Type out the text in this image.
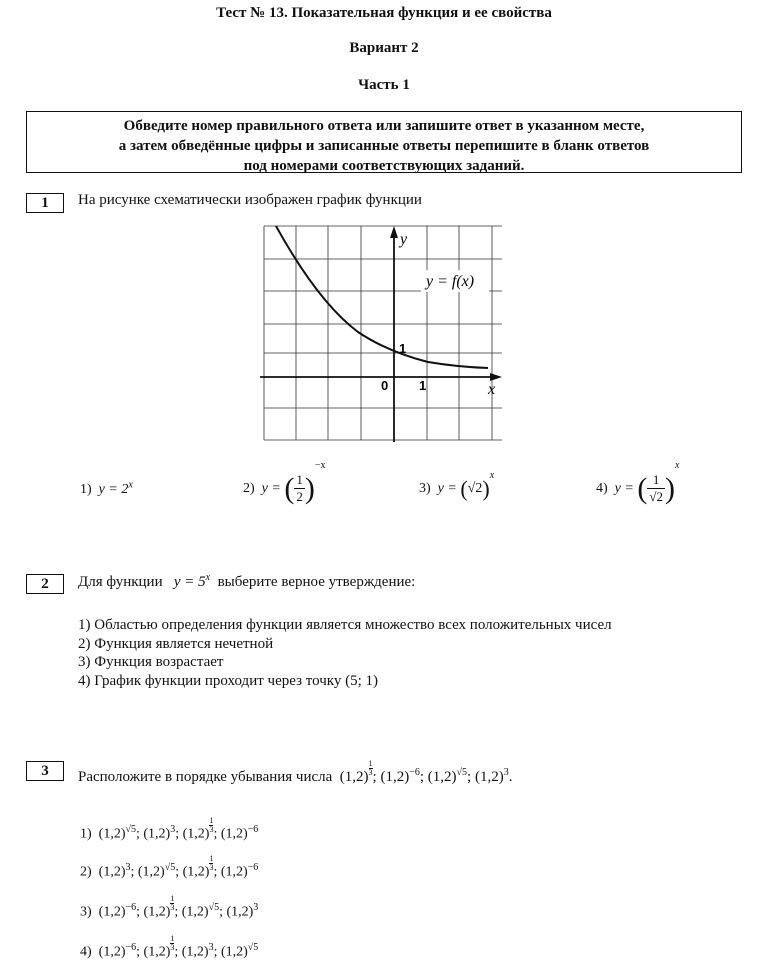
Тест № 13. Показательная функция и ее свойства
Вариант 2
Часть 1
Обведите номер правильного ответа или запишите ответ в указанном месте,
а затем обведённые цифры и записанные ответы перепишите в бланк ответов
под номерами соответствующих заданий.
1	На рисунке схематически изображен график функции
y
y = f(x)
1
0 1	x
1) $y = 2^x$	2) y = ( $\frac{1}{2} )^{-x}$
3) $y = (√2)^x$
4) y = ( $\frac{1}{√2} )^x$
2	Для функции $y = 5^x$ выберите верное утверждение:
1) Областью определения функции является множество всех положительных чисел
2) Функция является нечетной
3) Функция возрастает
4) График функции проходит через точку (5; 1)
3	Расположите в порядке убывания числа $(1,2) \frac{1}{3}$ ; $(1,2)^{-6}$; $(1,2)^{√5}$; $(1,2)^3$.
1)  $(1,2)^{√5}$; $(1,2)^3$; (1,2)
$\frac{1}{3}$
; $(1,2)^{-6}$
2)  $(1,2)^3$; $(1,2)^{√5}$; (1,2)
$\frac{1}{3}$
; $(1,2)^{-6}$
3)  $(1,2)^{-6}$; (1,2)
$\frac{1}{3}$
; $(1,2)^{√5}$; $(1,2)^3$
4)  $(1,2)^{-6}$; (1,2)
$\frac{1}{3}$
; $(1,2)^3$; $(1,2)^{√5}$
